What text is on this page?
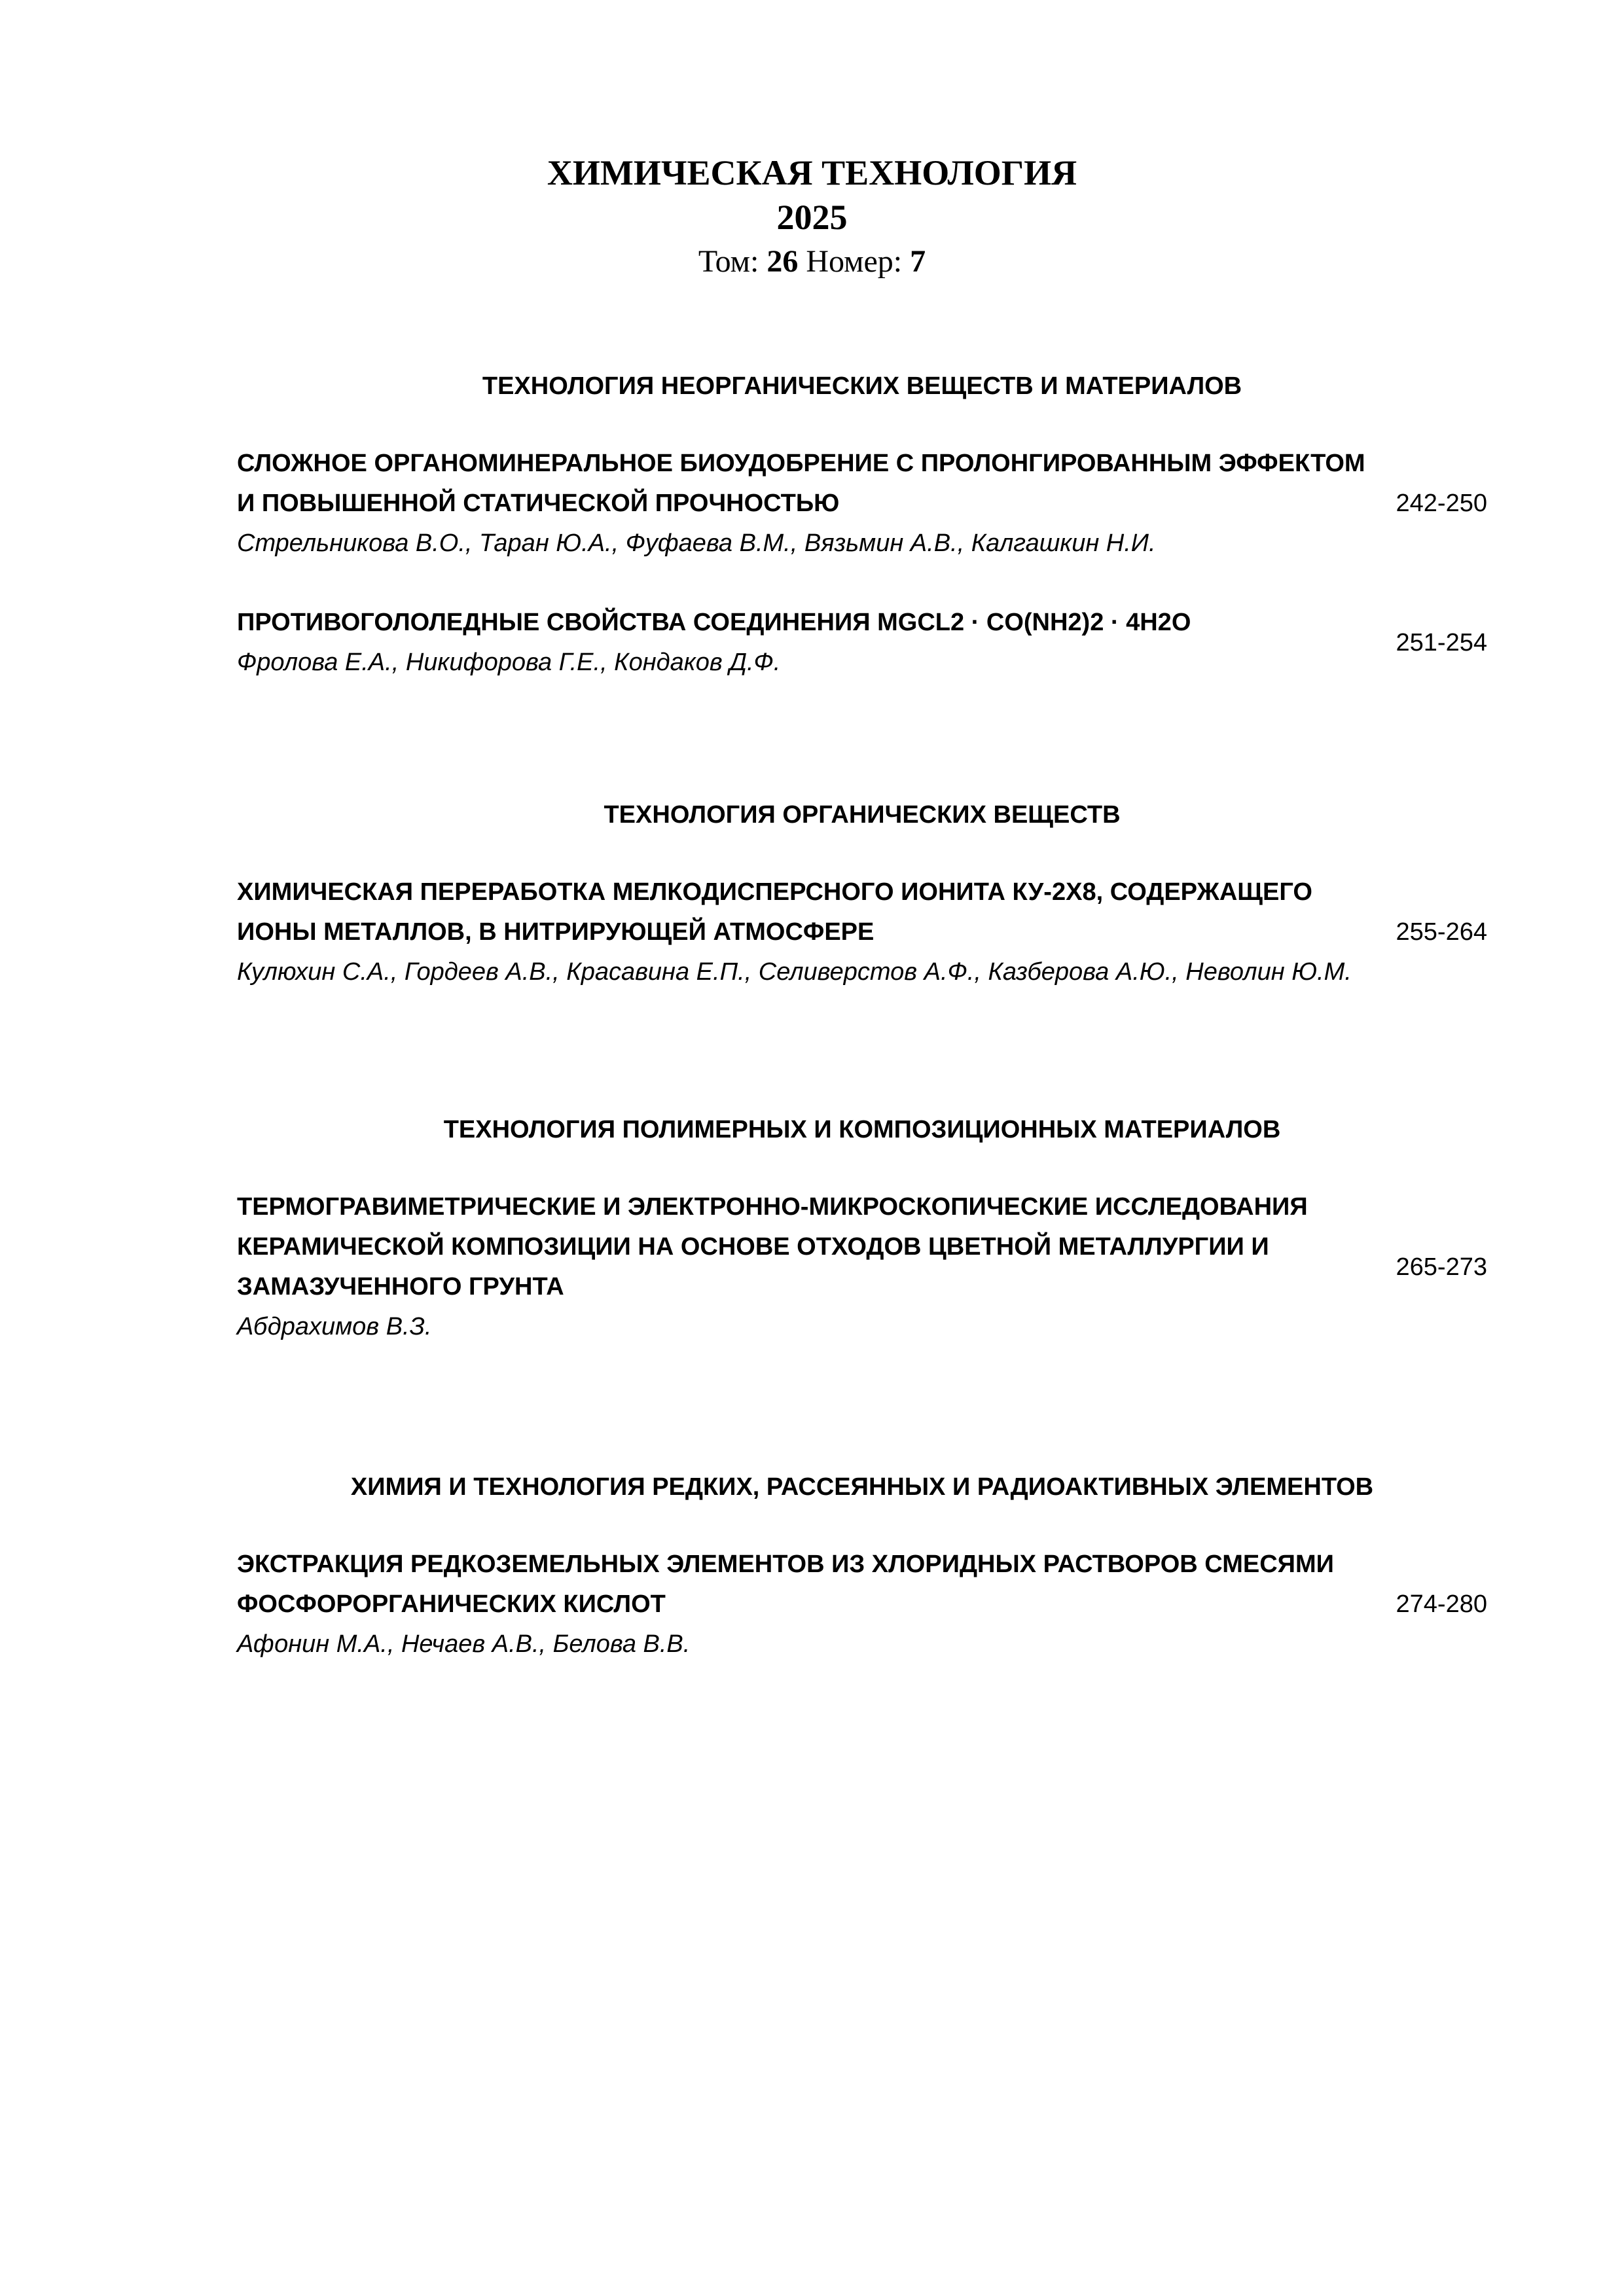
ХИМИЧЕСКАЯ ТЕХНОЛОГИЯ
2025
Том: 26 Номер: 7
ТЕХНОЛОГИЯ НЕОРГАНИЧЕСКИХ ВЕЩЕСТВ И МАТЕРИАЛОВ
СЛОЖНОЕ ОРГАНОМИНЕРАЛЬНОЕ БИОУДОБРЕНИЕ С ПРОЛОНГИРОВАННЫМ ЭФФЕКТОМ И ПОВЫШЕННОЙ СТАТИЧЕСКОЙ ПРОЧНОСТЬЮ
Стрельникова В.О., Таран Ю.А., Фуфаева В.М., Вязьмин А.В., Калгашкин Н.И.
242-250
ПРОТИВОГОЛОЛЕДНЫЕ СВОЙСТВА СОЕДИНЕНИЯ MGCL2 · CO(NH2)2 · 4H2O
Фролова Е.А., Никифорова Г.Е., Кондаков Д.Ф.
251-254
ТЕХНОЛОГИЯ ОРГАНИЧЕСКИХ ВЕЩЕСТВ
ХИМИЧЕСКАЯ ПЕРЕРАБОТКА МЕЛКОДИСПЕРСНОГО ИОНИТА КУ-2Х8, СОДЕРЖАЩЕГО ИОНЫ МЕТАЛЛОВ, В НИТРИРУЮЩЕЙ АТМОСФЕРЕ
Кулюхин С.А., Гордеев А.В., Красавина Е.П., Селиверстов А.Ф., Казберова А.Ю., Неволин Ю.М.
255-264
ТЕХНОЛОГИЯ ПОЛИМЕРНЫХ И КОМПОЗИЦИОННЫХ МАТЕРИАЛОВ
ТЕРМОГРАВИМЕТРИЧЕСКИЕ И ЭЛЕКТРОННО-МИКРОСКОПИЧЕСКИЕ ИССЛЕДОВАНИЯ КЕРАМИЧЕСКОЙ КОМПОЗИЦИИ НА ОСНОВЕ ОТХОДОВ ЦВЕТНОЙ МЕТАЛЛУРГИИ И ЗАМАЗУЧЕННОГО ГРУНТА
Абдрахимов В.З.
265-273
ХИМИЯ И ТЕХНОЛОГИЯ РЕДКИХ, РАССЕЯННЫХ И РАДИОАКТИВНЫХ ЭЛЕМЕНТОВ
ЭКСТРАКЦИЯ РЕДКОЗЕМЕЛЬНЫХ ЭЛЕМЕНТОВ ИЗ ХЛОРИДНЫХ РАСТВОРОВ СМЕСЯМИ ФОСФОРОРГАНИЧЕСКИХ КИСЛОТ
Афонин М.А., Нечаев А.В., Белова В.В.
274-280
